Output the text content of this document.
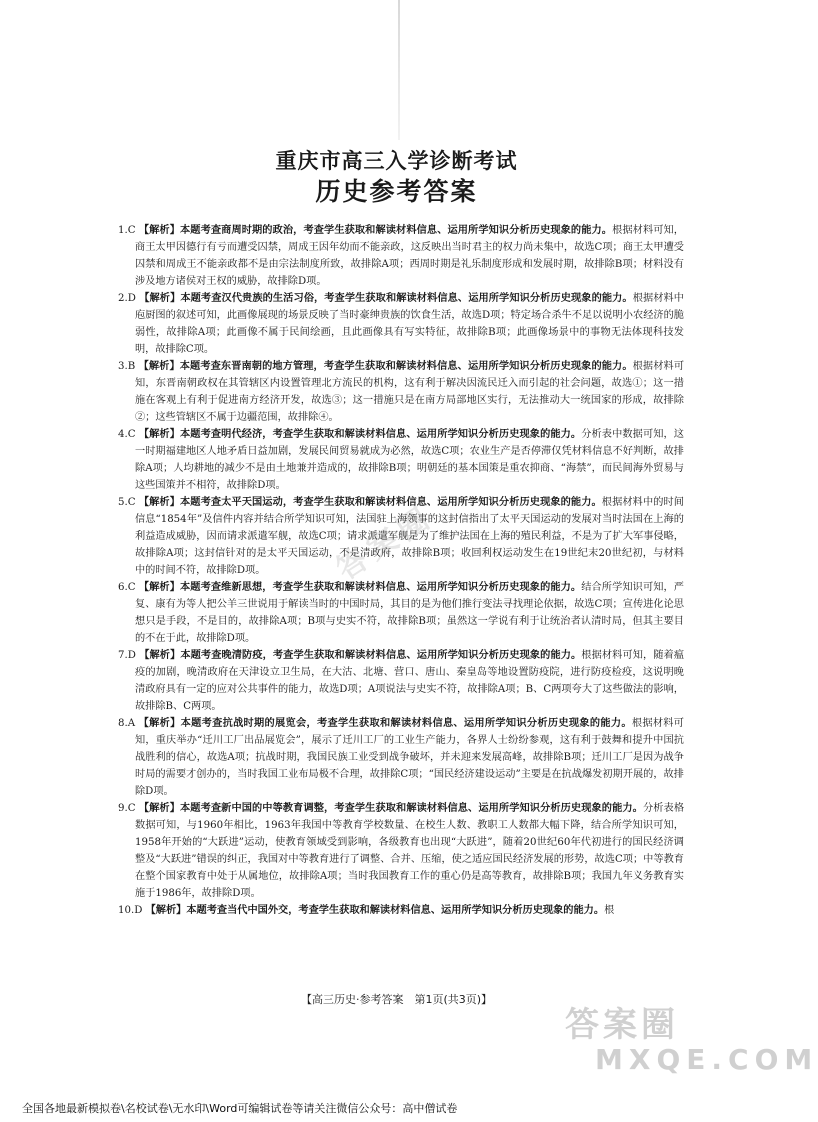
重庆市高三入学诊断考试
历史参考答案

1.C 【解析】本题考查商周时期的政治，考查学生获取和解读材料信息、运用所学知识分析历史现象的能力。根据材料可知，商王太甲因德行有亏而遭受囚禁，周成王因年幼而不能亲政，这反映出当时君主的权力尚未集中，故选C项；商王太甲遭受囚禁和周成王不能亲政都不是由宗法制度所致，故排除A项；西周时期是礼乐制度形成和发展时期，故排除B项；材料没有涉及地方诸侯对王权的威胁，故排除D项。

2.D 【解析】本题考查汉代贵族的生活习俗，考查学生获取和解读材料信息、运用所学知识分析历史现象的能力。根据材料中庖厨图的叙述可知，此画像展现的场景反映了当时豪绅贵族的饮食生活，故选D项；特定场合杀牛不足以说明小农经济的脆弱性，故排除A项；此画像不属于民间绘画，且此画像具有写实特征，故排除B项；此画像场景中的事物无法体现科技发明，故排除C项。

3.B 【解析】本题考查东晋南朝的地方管理，考查学生获取和解读材料信息、运用所学知识分析历史现象的能力。根据材料可知，东晋南朝政权在其管辖区内设置管理北方流民的机构，这有利于解决因流民迁入而引起的社会问题，故选①；这一措施在客观上有利于促进南方经济开发，故选③；这一措施只是在南方局部地区实行，无法推动大一统国家的形成，故排除②；这些管辖区不属于边疆范围，故排除④。

4.C 【解析】本题考查明代经济，考查学生获取和解读材料信息、运用所学知识分析历史现象的能力。分析表中数据可知，这一时期福建地区人地矛盾日益加剧，发展民间贸易就成为必然，故选C项；农业生产是否停滞仅凭材料信息不好判断，故排除A项；人均耕地的减少不是由土地兼并造成的，故排除B项；明朝廷的基本国策是重农抑商、“海禁”，而民间海外贸易与这些国策并不相符，故排除D项。

5.C 【解析】本题考查太平天国运动，考查学生获取和解读材料信息、运用所学知识分析历史现象的能力。根据材料中的时间信息“1854年”及信件内容并结合所学知识可知，法国驻上海领事的这封信指出了太平天国运动的发展对当时法国在上海的利益造成威胁，因而请求派遣军舰，故选C项；请求派遣军舰是为了维护法国在上海的殖民利益，不是为了扩大军事侵略，故排除A项；这封信针对的是太平天国运动，不是清政府，故排除B项；收回利权运动发生在19世纪末20世纪初，与材料中的时间不符，故排除D项。

6.C 【解析】本题考查维新思想，考查学生获取和解读材料信息、运用所学知识分析历史现象的能力。结合所学知识可知，严复、康有为等人把公羊三世说用于解读当时的中国时局，其目的是为他们推行变法寻找理论依据，故选C项；宣传进化论思想只是手段，不是目的，故排除A项；B项与史实不符，故排除B项；虽然这一学说有利于让统治者认清时局，但其主要目的不在于此，故排除D项。

7.D 【解析】本题考查晚清防疫，考查学生获取和解读材料信息、运用所学知识分析历史现象的能力。根据材料可知，随着瘟疫的加剧，晚清政府在天津设立卫生局，在大沽、北塘、营口、唐山、秦皇岛等地设置防疫院，进行防疫检疫，这说明晚清政府具有一定的应对公共事件的能力，故选D项；A项说法与史实不符，故排除A项；B、C两项夸大了这些做法的影响，故排除B、C两项。

8.A 【解析】本题考查抗战时期的展览会，考查学生获取和解读材料信息、运用所学知识分析历史现象的能力。根据材料可知，重庆举办“迁川工厂出品展览会”，展示了迁川工厂的工业生产能力，各界人士纷纷参观，这有利于鼓舞和提升中国抗战胜利的信心，故选A项；抗战时期，我国民族工业受到战争破坏，并未迎来发展高峰，故排除B项；迁川工厂是因为战争时局的需要才创办的，当时我国工业布局极不合理，故排除C项；“国民经济建设运动”主要是在抗战爆发初期开展的，故排除D项。

9.C 【解析】本题考查新中国的中等教育调整，考查学生获取和解读材料信息、运用所学知识分析历史现象的能力。分析表格数据可知，与1960年相比，1963年我国中等教育学校数量、在校生人数、教职工人数都大幅下降，结合所学知识可知，1958年开始的“大跃进”运动，使教育领域受到影响，各级教育也出现“大跃进”，随着20世纪60年代初进行的国民经济调整及“大跃进”错误的纠正，我国对中等教育进行了调整、合并、压缩，使之适应国民经济发展的形势，故选C项；中等教育在整个国家教育中处于从属地位，故排除A项；当时我国教育工作的重心仍是高等教育，故排除B项；我国九年义务教育实施于1986年，故排除D项。

10.D 【解析】本题考查当代中国外交，考查学生获取和解读材料信息、运用所学知识分析历史现象的能力。根

答案圈
【高三历史·参考答案　第1页(共3页)】
答案圈
MXQE.COM
全国各地最新模拟卷\名校试卷\无水印\Word可编辑试卷等请关注微信公众号：高中僧试卷
